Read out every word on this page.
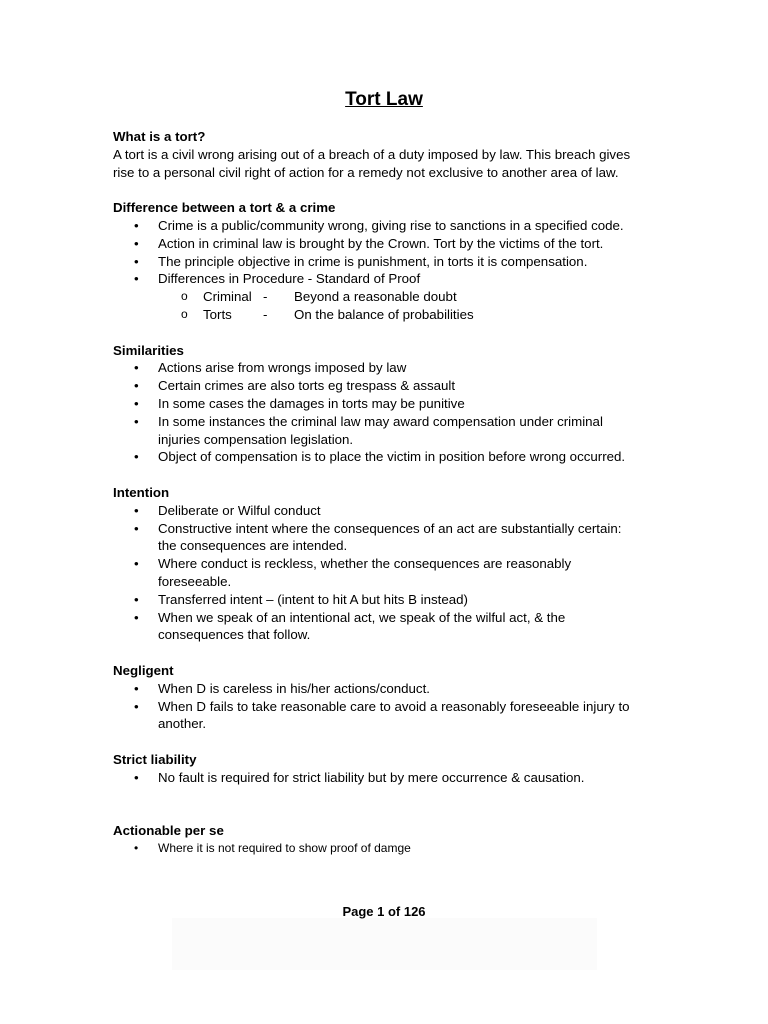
Tort Law

What is a tort?

A tort is a civil wrong arising out of a breach of a duty imposed by law. This breach gives

rise to a personal civil right of action for a remedy not exclusive to another area of law.

Difference between a tort & a crime

• Crime is a public/community wrong, giving rise to sanctions in a specified code.
• Action in criminal law is brought by the Crown. Tort by the victims of the tort.
• The principle objective in crime is punishment, in torts it is compensation.
• Differences in Procedure - Standard of Proof
o Criminal - Beyond a reasonable doubt
o Torts - On the balance of probabilities

Similarities

• Actions arise from wrongs imposed by law
• Certain crimes are also torts eg trespass & assault
• In some cases the damages in torts may be punitive
• In some instances the criminal law may award compensation under criminal
injuries compensation legislation.
• Object of compensation is to place the victim in position before wrong occurred.

Intention

• Deliberate or Wilful conduct
• Constructive intent where the consequences of an act are substantially certain:
the consequences are intended.
• Where conduct is reckless, whether the consequences are reasonably
foreseeable.
• Transferred intent – (intent to hit A but hits B instead)
• When we speak of an intentional act, we speak of the wilful act, & the
consequences that follow.

Negligent

• When D is careless in his/her actions/conduct.
• When D fails to take reasonable care to avoid a reasonably foreseeable injury to
another.

Strict liability

• No fault is required for strict liability but by mere occurrence & causation.

Actionable per se

• Where it is not required to show proof of damge
Page 1 of 126
